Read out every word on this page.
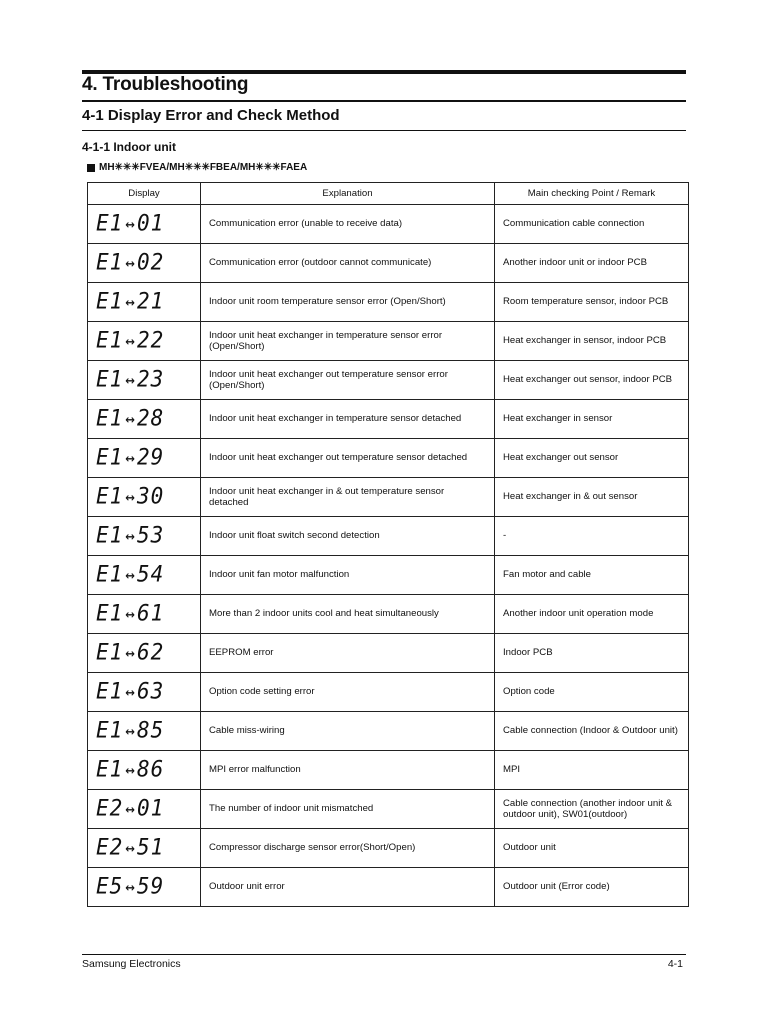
4. Troubleshooting
4-1 Display Error and Check Method
4-1-1 Indoor unit
MH✳✳✳FVEA/MH✳✳✳FBEA/MH✳✳✳FAEA
Display	Explanation	Main checking Point / Remark

E1 ↔ 01	Communication error (unable to receive data)	Communication cable connection

E1 ↔ 02	Communication error (outdoor cannot communicate)	Another indoor unit or indoor PCB

E1 ↔ 21	Indoor unit room temperature sensor error (Open/Short)	Room temperature sensor, indoor PCB

E1 ↔ 22	Indoor unit heat exchanger in temperature sensor error (Open/Short)	Heat exchanger in sensor, indoor PCB

E1 ↔ 23	Indoor unit heat exchanger out temperature sensor error (Open/Short)	Heat exchanger out sensor, indoor PCB

E1 ↔ 28	Indoor unit heat exchanger in temperature sensor detached	Heat exchanger in sensor

E1 ↔ 29	Indoor unit heat exchanger out temperature sensor detached	Heat exchanger out sensor

E1 ↔ 30	Indoor unit heat exchanger in & out temperature sensor detached	Heat exchanger in & out sensor

E1 ↔ 53	Indoor unit float switch second detection	-

E1 ↔ 54	Indoor unit fan motor malfunction	Fan motor and cable

E1 ↔ 61	More than 2 indoor units cool and heat simultaneously	Another indoor unit operation mode

E1 ↔ 62	EEPROM error	Indoor PCB

E1 ↔ 63	Option code setting error	Option code

E1 ↔ 85	Cable miss-wiring	Cable connection (Indoor & Outdoor unit)

E1 ↔ 86	MPI error malfunction	MPI

E2 ↔ 01	The number of indoor unit mismatched	Cable connection (another indoor unit & outdoor unit), SW01(outdoor)

E2 ↔ 51	Compressor discharge sensor error(Short/Open)	Outdoor unit

E5 ↔ 59	Outdoor unit error	Outdoor unit (Error code)
Samsung Electronics	4-1
